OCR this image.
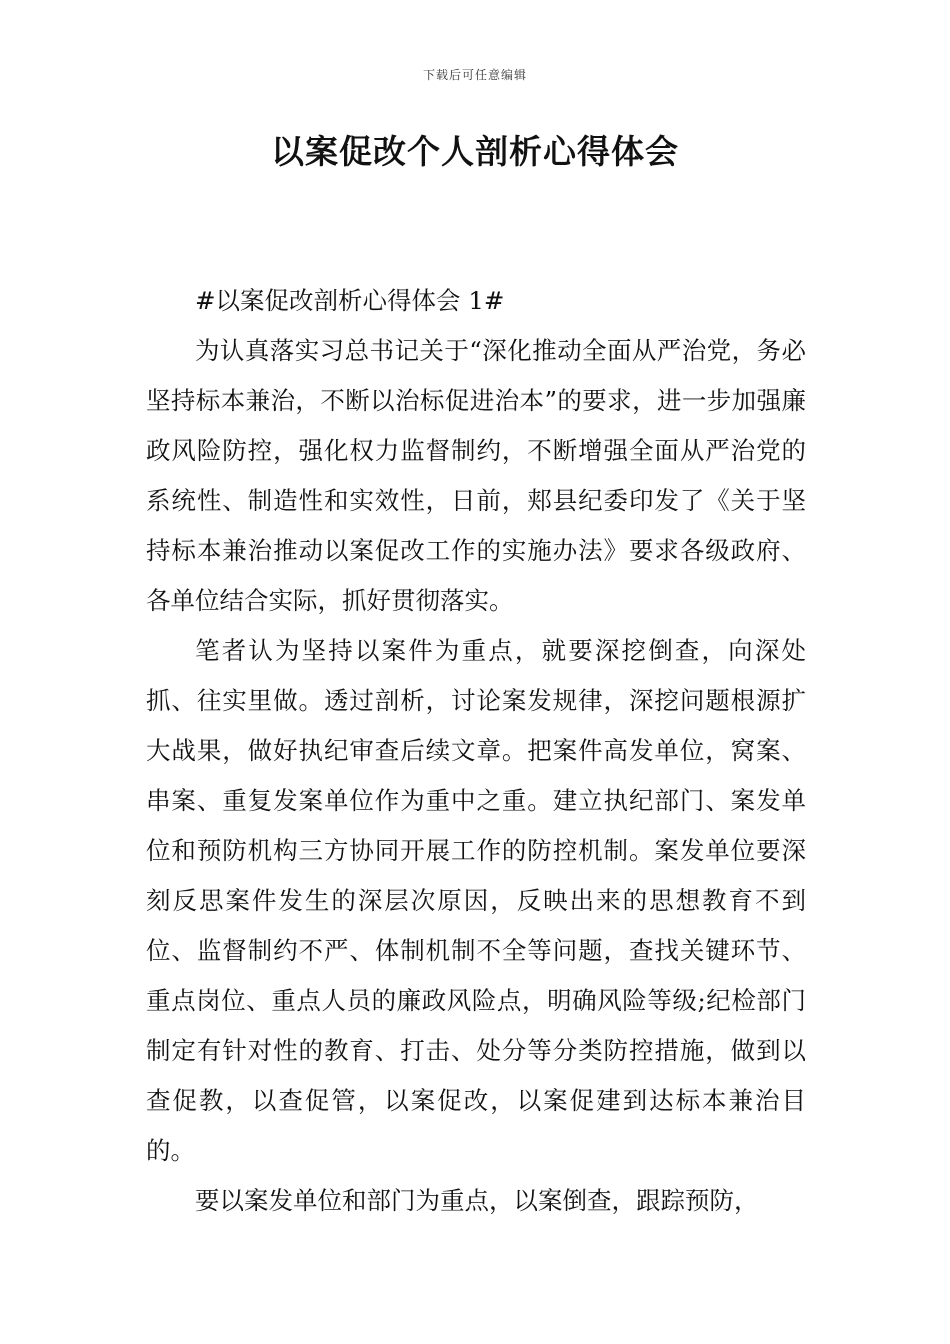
下载后可任意编辑
以案促改个人剖析心得体会

#以案促改剖析心得体会 1#

为认真落实习总书记关于“深化推动全面从严治党，务必坚持标本兼治，不断以治标促进治本”的要求，进一步加强廉政风险防控，强化权力监督制约，不断增强全面从严治党的系统性、制造性和实效性，日前，郏县纪委印发了《关于坚持标本兼治推动以案促改工作的实施办法》要求各级政府、各单位结合实际，抓好贯彻落实。

笔者认为坚持以案件为重点，就要深挖倒查，向深处抓、往实里做。透过剖析，讨论案发规律，深挖问题根源扩大战果，做好执纪审查后续文章。把案件高发单位，窝案、串案、重复发案单位作为重中之重。建立执纪部门、案发单位和预防机构三方协同开展工作的防控机制。案发单位要深刻反思案件发生的深层次原因，反映出来的思想教育不到位、监督制约不严、体制机制不全等问题，查找关键环节、重点岗位、重点人员的廉政风险点，明确风险等级;纪检部门制定有针对性的教育、打击、处分等分类防控措施，做到以查促教，以查促管，以案促改，以案促建到达标本兼治目的。

要以案发单位和部门为重点，以案倒查，跟踪预防，
